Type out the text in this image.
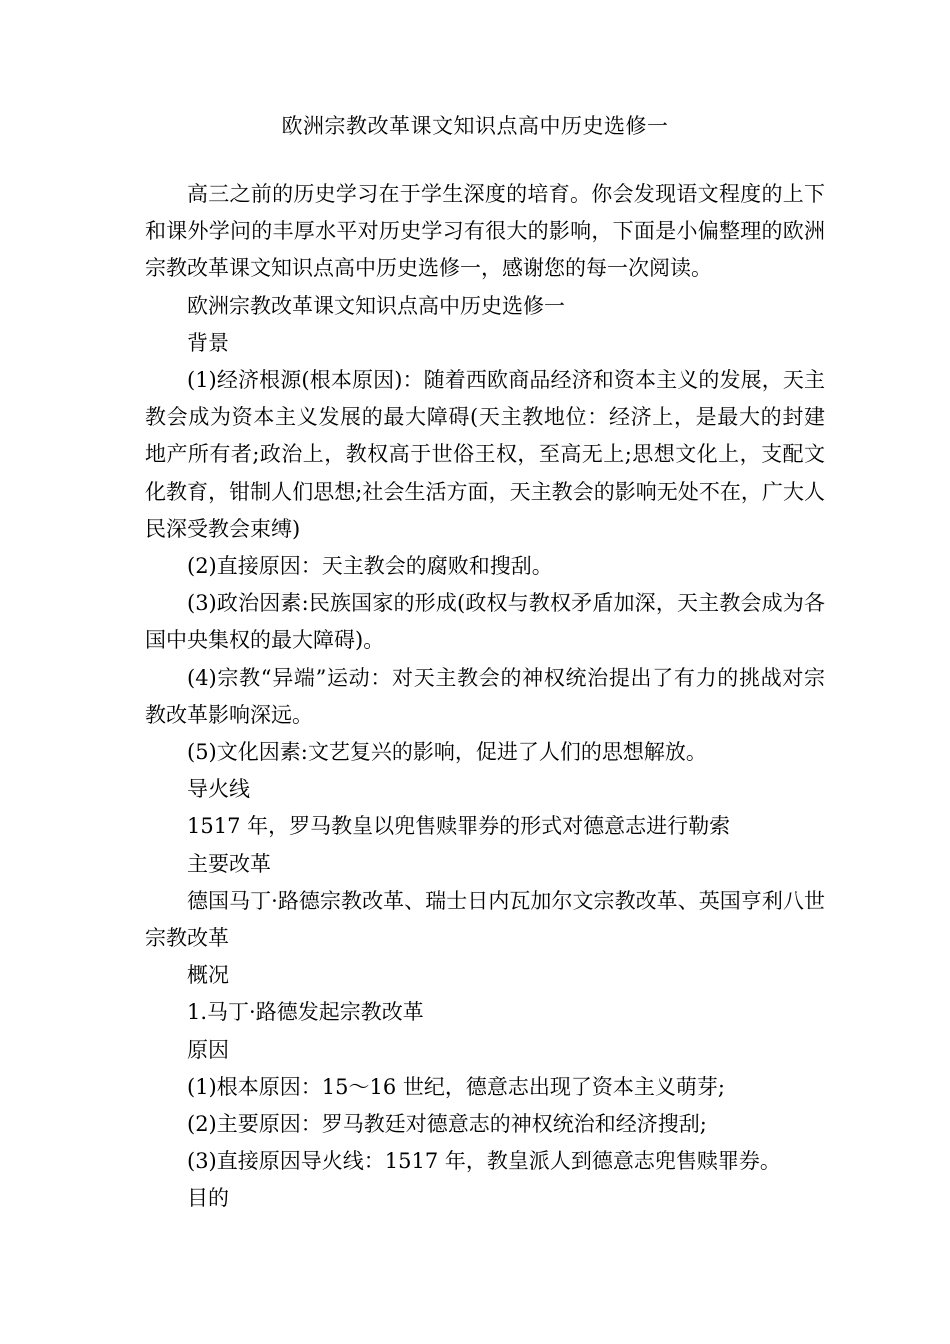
欧洲宗教改革课文知识点高中历史选修一

高三之前的历史学习在于学生深度的培育。你会发现语文程度的上下和课外学问的丰厚水平对历史学习有很大的影响，下面是小偏整理的欧洲宗教改革课文知识点高中历史选修一，感谢您的每一次阅读。

欧洲宗教改革课文知识点高中历史选修一

背景

(1)经济根源(根本原因)：随着西欧商品经济和资本主义的发展，天主教会成为资本主义发展的最大障碍(天主教地位：经济上，是最大的封建地产所有者;政治上，教权高于世俗王权，至高无上;思想文化上，支配文化教育，钳制人们思想;社会生活方面，天主教会的影响无处不在，广大人民深受教会束缚)

(2)直接原因：天主教会的腐败和搜刮。

(3)政治因素:民族国家的形成(政权与教权矛盾加深，天主教会成为各国中央集权的最大障碍)。

(4)宗教“异端”运动：对天主教会的神权统治提出了有力的挑战对宗教改革影响深远。

(5)文化因素:文艺复兴的影响，促进了人们的思想解放。

导火线

1517 年，罗马教皇以兜售赎罪券的形式对德意志进行勒索

主要改革

德国马丁·路德宗教改革、瑞士日内瓦加尔文宗教改革、英国亨利八世宗教改革

概况

1.马丁·路德发起宗教改革

原因

(1)根本原因：15～16 世纪，德意志出现了资本主义萌芽;

(2)主要原因：罗马教廷对德意志的神权统治和经济搜刮;

(3)直接原因导火线：1517 年，教皇派人到德意志兜售赎罪券。

目的
